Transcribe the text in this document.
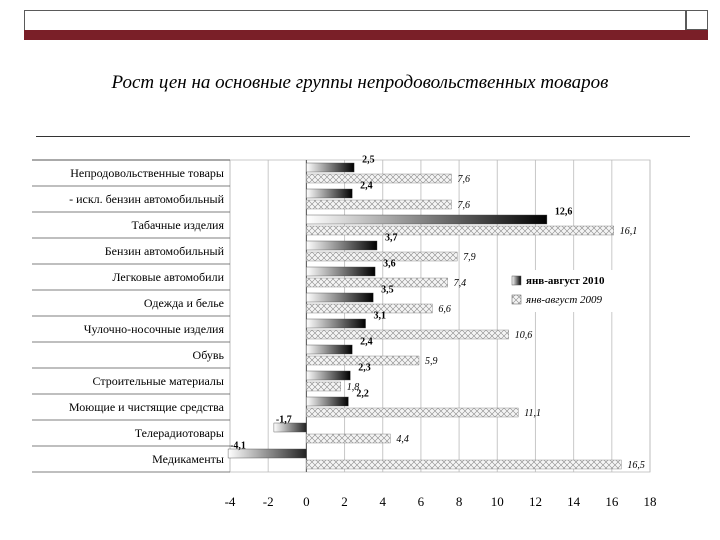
Рост цен на основные группы непродовольственных товаров
Непродовольственные товары
- искл. бензин автомобильный
Табачные изделия
Бензин автомобильный
Легковые автомобили
Одежда и белье
Чулочно-носочные изделия
Обувь
Строительные материалы
Моющие и чистящие средства
Телерадиотовары
Медикаменты
2,5
7,6
2,4
7,6
12,6
16,1
3,7
7,9
3,6
7,4
3,5
6,6
3,1
10,6
2,4
5,9
2,3
1,8
2,2
11,1
-1,7
4,4
-4,1
16,5
-4 -2 0 2 4 6 8 10 12 14 16 18
янв-август 2010
янв-август 2009
